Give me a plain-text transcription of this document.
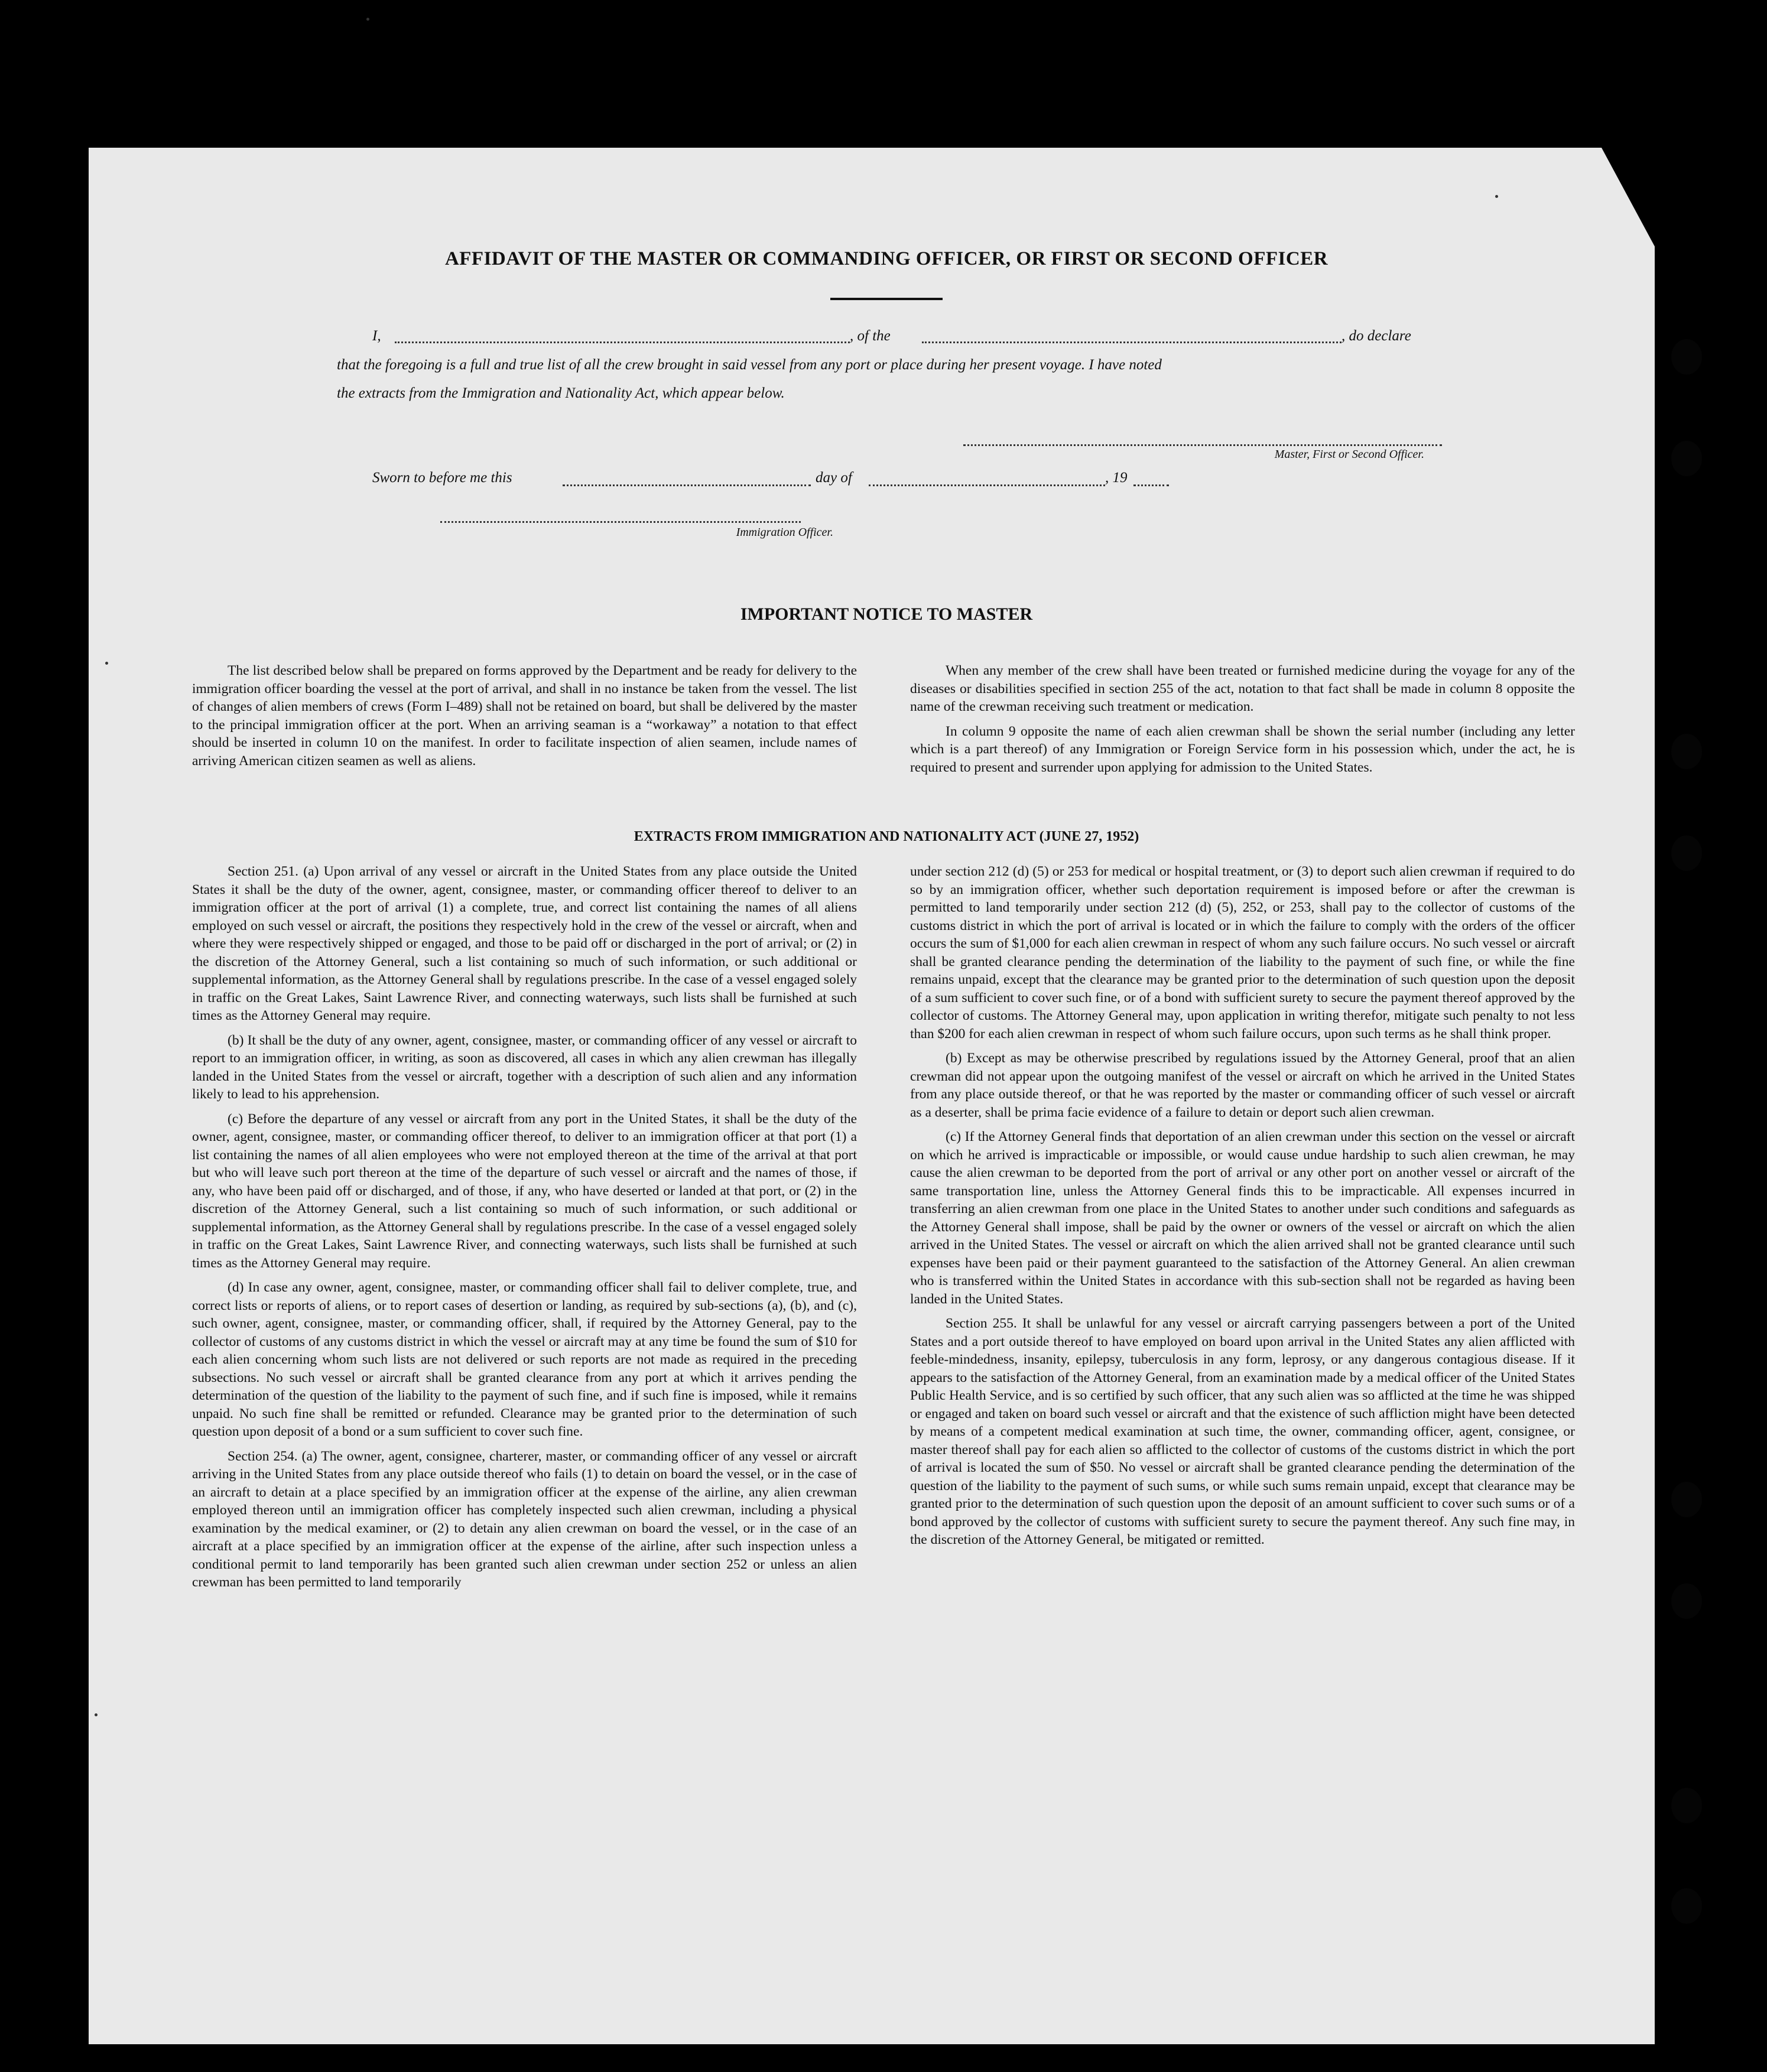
AFFIDAVIT OF THE MASTER OR COMMANDING OFFICER, OR FIRST OR SECOND OFFICER
I,	, of the	, do declare
that the foregoing is a full and true list of all the crew brought in said vessel from any port or place during her present voyage. I have noted
the extracts from the Immigration and Nationality Act, which appear below.
Master, First or Second Officer.
Sworn to before me this	day of	, 19
Immigration Officer.
IMPORTANT NOTICE TO MASTER

The list described below shall be prepared on forms approved by the Department and be ready for delivery to the immigration officer boarding the vessel at the port of arrival, and shall in no instance be taken from the vessel. The list of changes of alien members of crews (Form I–489) shall not be retained on board, but shall be delivered by the master to the principal immigration officer at the port. When an arriving seaman is a “workaway” a notation to that effect should be inserted in column 10 on the manifest. In order to facilitate inspection of alien seamen, include names of arriving American citizen seamen as well as aliens.

When any member of the crew shall have been treated or furnished medicine during the voyage for any of the diseases or disabilities specified in section 255 of the act, notation to that fact shall be made in column 8 opposite the name of the crewman receiving such treatment or medication.

In column 9 opposite the name of each alien crewman shall be shown the serial number (including any letter which is a part thereof) of any Immigration or Foreign Service form in his possession which, under the act, he is required to present and surrender upon applying for admission to the United States.

EXTRACTS FROM IMMIGRATION AND NATIONALITY ACT (JUNE 27, 1952)

Section 251. (a) Upon arrival of any vessel or aircraft in the United States from any place outside the United States it shall be the duty of the owner, agent, consignee, master, or commanding officer thereof to deliver to an immigration officer at the port of arrival (1) a complete, true, and correct list containing the names of all aliens employed on such vessel or aircraft, the positions they respectively hold in the crew of the vessel or aircraft, when and where they were respectively shipped or engaged, and those to be paid off or discharged in the port of arrival; or (2) in the discretion of the Attorney General, such a list containing so much of such information, or such additional or supplemental information, as the Attorney General shall by regulations prescribe. In the case of a vessel engaged solely in traffic on the Great Lakes, Saint Lawrence River, and connecting waterways, such lists shall be furnished at such times as the Attorney General may require.

(b) It shall be the duty of any owner, agent, consignee, master, or commanding officer of any vessel or aircraft to report to an immigration officer, in writing, as soon as discovered, all cases in which any alien crewman has illegally landed in the United States from the vessel or aircraft, together with a description of such alien and any information likely to lead to his apprehension.

(c) Before the departure of any vessel or aircraft from any port in the United States, it shall be the duty of the owner, agent, consignee, master, or commanding officer thereof, to deliver to an immigration officer at that port (1) a list containing the names of all alien employees who were not employed thereon at the time of the arrival at that port but who will leave such port thereon at the time of the departure of such vessel or aircraft and the names of those, if any, who have been paid off or discharged, and of those, if any, who have deserted or landed at that port, or (2) in the discretion of the Attorney General, such a list containing so much of such information, or such additional or supplemental information, as the Attorney General shall by regulations prescribe. In the case of a vessel engaged solely in traffic on the Great Lakes, Saint Lawrence River, and connecting waterways, such lists shall be furnished at such times as the Attorney General may require.

(d) In case any owner, agent, consignee, master, or commanding officer shall fail to deliver complete, true, and correct lists or reports of aliens, or to report cases of desertion or landing, as required by sub-sections (a), (b), and (c), such owner, agent, consignee, master, or commanding officer, shall, if required by the Attorney General, pay to the collector of customs of any customs district in which the vessel or aircraft may at any time be found the sum of $10 for each alien concerning whom such lists are not delivered or such reports are not made as required in the preceding subsections. No such vessel or aircraft shall be granted clearance from any port at which it arrives pending the determination of the question of the liability to the payment of such fine, and if such fine is imposed, while it remains unpaid. No such fine shall be remitted or refunded. Clearance may be granted prior to the determination of such question upon deposit of a bond or a sum sufficient to cover such fine.

Section 254. (a) The owner, agent, consignee, charterer, master, or commanding officer of any vessel or aircraft arriving in the United States from any place outside thereof who fails (1) to detain on board the vessel, or in the case of an aircraft to detain at a place specified by an immigration officer at the expense of the airline, any alien crewman employed thereon until an immigration officer has completely inspected such alien crewman, including a physical examination by the medical examiner, or (2) to detain any alien crewman on board the vessel, or in the case of an aircraft at a place specified by an immigration officer at the expense of the airline, after such inspection unless a conditional permit to land temporarily has been granted such alien crewman under section 252 or unless an alien crewman has been permitted to land temporarily

under section 212 (d) (5) or 253 for medical or hospital treatment, or (3) to deport such alien crewman if required to do so by an immigration officer, whether such deportation requirement is imposed before or after the crewman is permitted to land temporarily under section 212 (d) (5), 252, or 253, shall pay to the collector of customs of the customs district in which the port of arrival is located or in which the failure to comply with the orders of the officer occurs the sum of $1,000 for each alien crewman in respect of whom any such failure occurs. No such vessel or aircraft shall be granted clearance pending the determination of the liability to the payment of such fine, or while the fine remains unpaid, except that the clearance may be granted prior to the determination of such question upon the deposit of a sum sufficient to cover such fine, or of a bond with sufficient surety to secure the payment thereof approved by the collector of customs. The Attorney General may, upon application in writing therefor, mitigate such penalty to not less than $200 for each alien crewman in respect of whom such failure occurs, upon such terms as he shall think proper.

(b) Except as may be otherwise prescribed by regulations issued by the Attorney General, proof that an alien crewman did not appear upon the outgoing manifest of the vessel or aircraft on which he arrived in the United States from any place outside thereof, or that he was reported by the master or commanding officer of such vessel or aircraft as a deserter, shall be prima facie evidence of a failure to detain or deport such alien crewman.

(c) If the Attorney General finds that deportation of an alien crewman under this section on the vessel or aircraft on which he arrived is impracticable or impossible, or would cause undue hardship to such alien crewman, he may cause the alien crewman to be deported from the port of arrival or any other port on another vessel or aircraft of the same transportation line, unless the Attorney General finds this to be impracticable. All expenses incurred in transferring an alien crewman from one place in the United States to another under such conditions and safeguards as the Attorney General shall impose, shall be paid by the owner or owners of the vessel or aircraft on which the alien arrived in the United States. The vessel or aircraft on which the alien arrived shall not be granted clearance until such expenses have been paid or their payment guaranteed to the satisfaction of the Attorney General. An alien crewman who is transferred within the United States in accordance with this sub-section shall not be regarded as having been landed in the United States.

Section 255. It shall be unlawful for any vessel or aircraft carrying passengers between a port of the United States and a port outside thereof to have employed on board upon arrival in the United States any alien afflicted with feeble-mindedness, insanity, epilepsy, tuberculosis in any form, leprosy, or any dangerous contagious disease. If it appears to the satisfaction of the Attorney General, from an examination made by a medical officer of the United States Public Health Service, and is so certified by such officer, that any such alien was so afflicted at the time he was shipped or engaged and taken on board such vessel or aircraft and that the existence of such affliction might have been detected by means of a competent medical examination at such time, the owner, commanding officer, agent, consignee, or master thereof shall pay for each alien so afflicted to the collector of customs of the customs district in which the port of arrival is located the sum of $50. No vessel or aircraft shall be granted clearance pending the determination of the question of the liability to the payment of such sums, or while such sums remain unpaid, except that clearance may be granted prior to the determination of such question upon the deposit of an amount sufficient to cover such sums or of a bond approved by the collector of customs with sufficient surety to secure the payment thereof. Any such fine may, in the discretion of the Attorney General, be mitigated or remitted.
